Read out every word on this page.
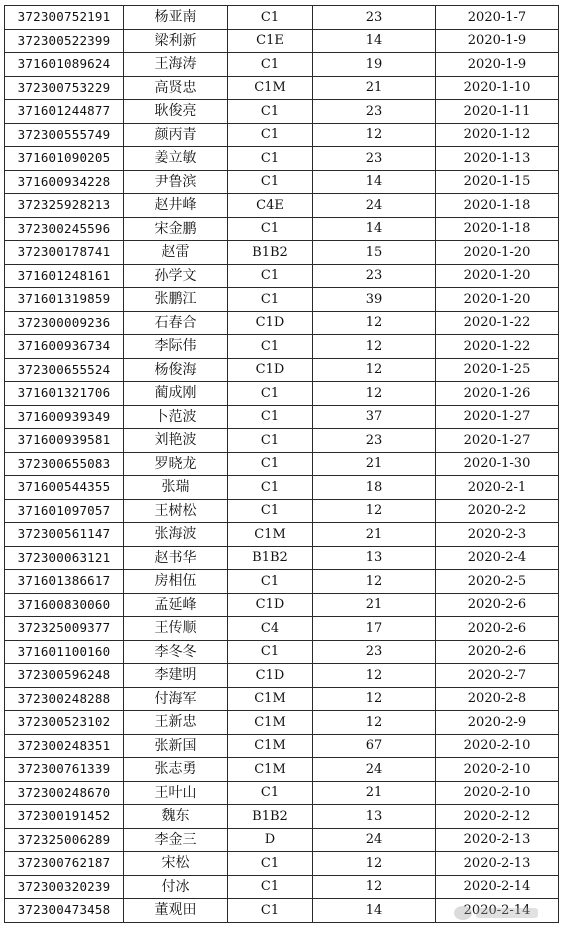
372300752191	杨亚南	C1	23	2020-1-7
372300522399	梁利新	C1E	14	2020-1-9
371601089624	王海涛	C1	19	2020-1-9
372300753229	高贤忠	C1M	21	2020-1-10
371601244877	耿俊亮	C1	23	2020-1-11
372300555749	颜丙青	C1	12	2020-1-12
371601090205	姜立敏	C1	23	2020-1-13
371600934228	尹鲁滨	C1	14	2020-1-15
372325928213	赵井峰	C4E	24	2020-1-18
372300245596	宋金鹏	C1	14	2020-1-18
372300178741	赵雷	B1B2	15	2020-1-20
371601248161	孙学文	C1	23	2020-1-20
371601319859	张鹏江	C1	39	2020-1-20
372300009236	石春合	C1D	12	2020-1-22
371600936734	李际伟	C1	12	2020-1-22
372300655524	杨俊海	C1D	12	2020-1-25
371601321706	蔺成刚	C1	12	2020-1-26
371600939349	卜范波	C1	37	2020-1-27
371600939581	刘艳波	C1	23	2020-1-27
372300655083	罗晓龙	C1	21	2020-1-30
371600544355	张瑞	C1	18	2020-2-1
371601097057	王树松	C1	12	2020-2-2
372300561147	张海波	C1M	21	2020-2-3
372300063121	赵书华	B1B2	13	2020-2-4
371601386617	房相伍	C1	12	2020-2-5
371600830060	孟延峰	C1D	21	2020-2-6
372325009377	王传顺	C4	17	2020-2-6
371601100160	李冬冬	C1	23	2020-2-6
372300596248	李建明	C1D	12	2020-2-7
372300248288	付海军	C1M	12	2020-2-8
372300523102	王新忠	C1M	12	2020-2-9
372300248351	张新国	C1M	67	2020-2-10
372300761339	张志勇	C1M	24	2020-2-10
372300248670	王叶山	C1	21	2020-2-10
372300191452	魏东	B1B2	13	2020-2-12
372325006289	李金三	D	24	2020-2-13
372300762187	宋松	C1	12	2020-2-13
372300320239	付冰	C1	12	2020-2-14
372300473458	董观田	C1	14	2020-2-14
